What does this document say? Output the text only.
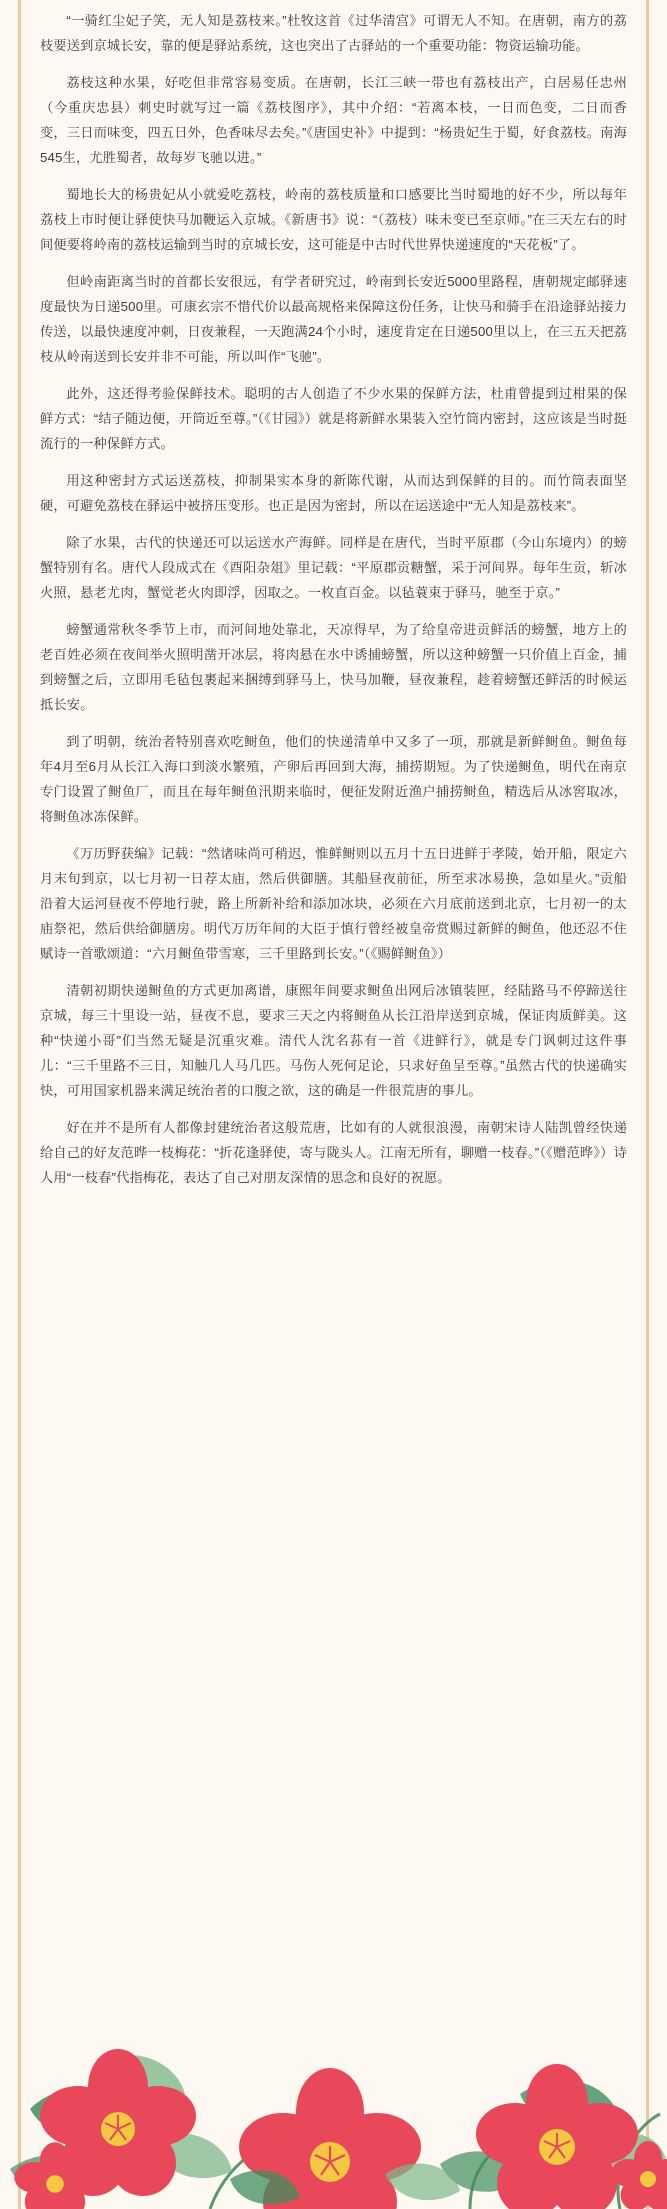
“一骑红尘妃子笑，无人知是荔枝来。”杜牧这首《过华清宫》可谓无人不知。在唐朝，南方的荔枝要送到京城长安，靠的便是驿站系统，这也突出了古驿站的一个重要功能：物资运输功能。

荔枝这种水果，好吃但非常容易变质。在唐朝，长江三峡一带也有荔枝出产，白居易任忠州（今重庆忠县）刺史时就写过一篇《荔枝图序》，其中介绍：“若离本枝，一日而色变，二日而香变，三日而味变，四五日外，色香味尽去矣。”《唐国史补》中提到：“杨贵妃生于蜀，好食荔枝。南海545生，尤胜蜀者，故每岁飞驰以进。”

蜀地长大的杨贵妃从小就爱吃荔枝，岭南的荔枝质量和口感要比当时蜀地的好不少，所以每年荔枝上市时便让驿使快马加鞭运入京城。《新唐书》说：“（荔枝）味未变已至京师。”在三天左右的时间便要将岭南的荔枝运输到当时的京城长安，这可能是中古时代世界快递速度的“天花板”了。

但岭南距离当时的首都长安很远，有学者研究过，岭南到长安近5000里路程，唐朝规定邮驿速度最快为日递500里。可康玄宗不惜代价以最高规格来保障这份任务，让快马和骑手在沿途驿站接力传送，以最快速度冲刺，日夜兼程，一天跑满24个小时，速度肯定在日递500里以上，在三五天把荔枝从岭南送到长安并非不可能，所以叫作“飞驰”。

此外，这还得考验保鲜技术。聪明的古人创造了不少水果的保鲜方法，杜甫曾提到过柑果的保鲜方式：“结子随边便，开筒近至尊。”（《甘园》）就是将新鲜水果装入空竹筒内密封，这应该是当时挺流行的一种保鲜方式。

用这种密封方式运送荔枝，抑制果实本身的新陈代谢，从而达到保鲜的目的。而竹筒表面坚硬，可避免荔枝在驿运中被挤压变形。也正是因为密封，所以在运送途中“无人知是荔枝来”。

除了水果，古代的快递还可以运送水产海鲜。同样是在唐代，当时平原郡（今山东境内）的螃蟹特别有名。唐代人段成式在《酉阳杂俎》里记载：“平原郡贡糖蟹，采于河间界。每年生贡，斩冰火照，悬老尤肉，蟹觉老火肉即浮，因取之。一枚直百金。以毡蓑束于驿马，驰至于京。”

螃蟹通常秋冬季节上市，而河间地处靠北，天凉得早，为了给皇帝进贡鲜活的螃蟹，地方上的老百姓必须在夜间举火照明凿开冰层，将肉悬在水中诱捕螃蟹，所以这种螃蟹一只价值上百金，捕到螃蟹之后，立即用毛毡包裹起来捆缚到驿马上，快马加鞭，昼夜兼程，趁着螃蟹还鲜活的时候运抵长安。

到了明朝，统治者特别喜欢吃鲥鱼，他们的快递清单中又多了一项，那就是新鲜鲥鱼。鲥鱼每年4月至6月从长江入海口到淡水繁殖，产卵后再回到大海，捕捞期短。为了快递鲥鱼，明代在南京专门设置了鲥鱼厂，而且在每年鲥鱼汛期来临时，便征发附近渔户捕捞鲥鱼，精选后从冰窖取冰，将鲥鱼冰冻保鲜。

《万历野获编》记载：“然诸味尚可稍迟，惟鲜鲥则以五月十五日进鲜于孝陵，始开船，限定六月末旬到京，以七月初一日荐太庙，然后供御膳。其船昼夜前征，所至求冰易换，急如星火。”贡船沿着大运河昼夜不停地行驶，路上所新补给和添加冰块，必须在六月底前送到北京，七月初一的太庙祭祀，然后供给御膳房。明代万历年间的大臣于慎行曾经被皇帝赏赐过新鲜的鲥鱼，他还忍不住赋诗一首歌颂道：“六月鲥鱼带雪寒，三千里路到长安。”（《赐鲜鲥鱼》）

清朝初期快递鲥鱼的方式更加离谱，康熙年间要求鲥鱼出网后冰镇装匣，经陆路马不停蹄送往京城，每三十里设一站，昼夜不息，要求三天之内将鲥鱼从长江沿岸送到京城，保证肉质鲜美。这种“快递小哥”们当然无疑是沉重灾难。清代人沈名荪有一首《进鲜行》，就是专门讽刺过这件事儿：“三千里路不三日，知触几人马几匹。马伤人死何足论，只求好鱼呈至尊。”虽然古代的快递确实快，可用国家机器来满足统治者的口腹之欲，这的确是一件很荒唐的事儿。

好在并不是所有人都像封建统治者这般荒唐，比如有的人就很浪漫，南朝宋诗人陆凯曾经快递给自己的好友范晔一枝梅花：“折花逢驿使，寄与陇头人。江南无所有，聊赠一枝春。”（《赠范晔》）诗人用“一枝春”代指梅花，表达了自己对朋友深情的思念和良好的祝愿。
